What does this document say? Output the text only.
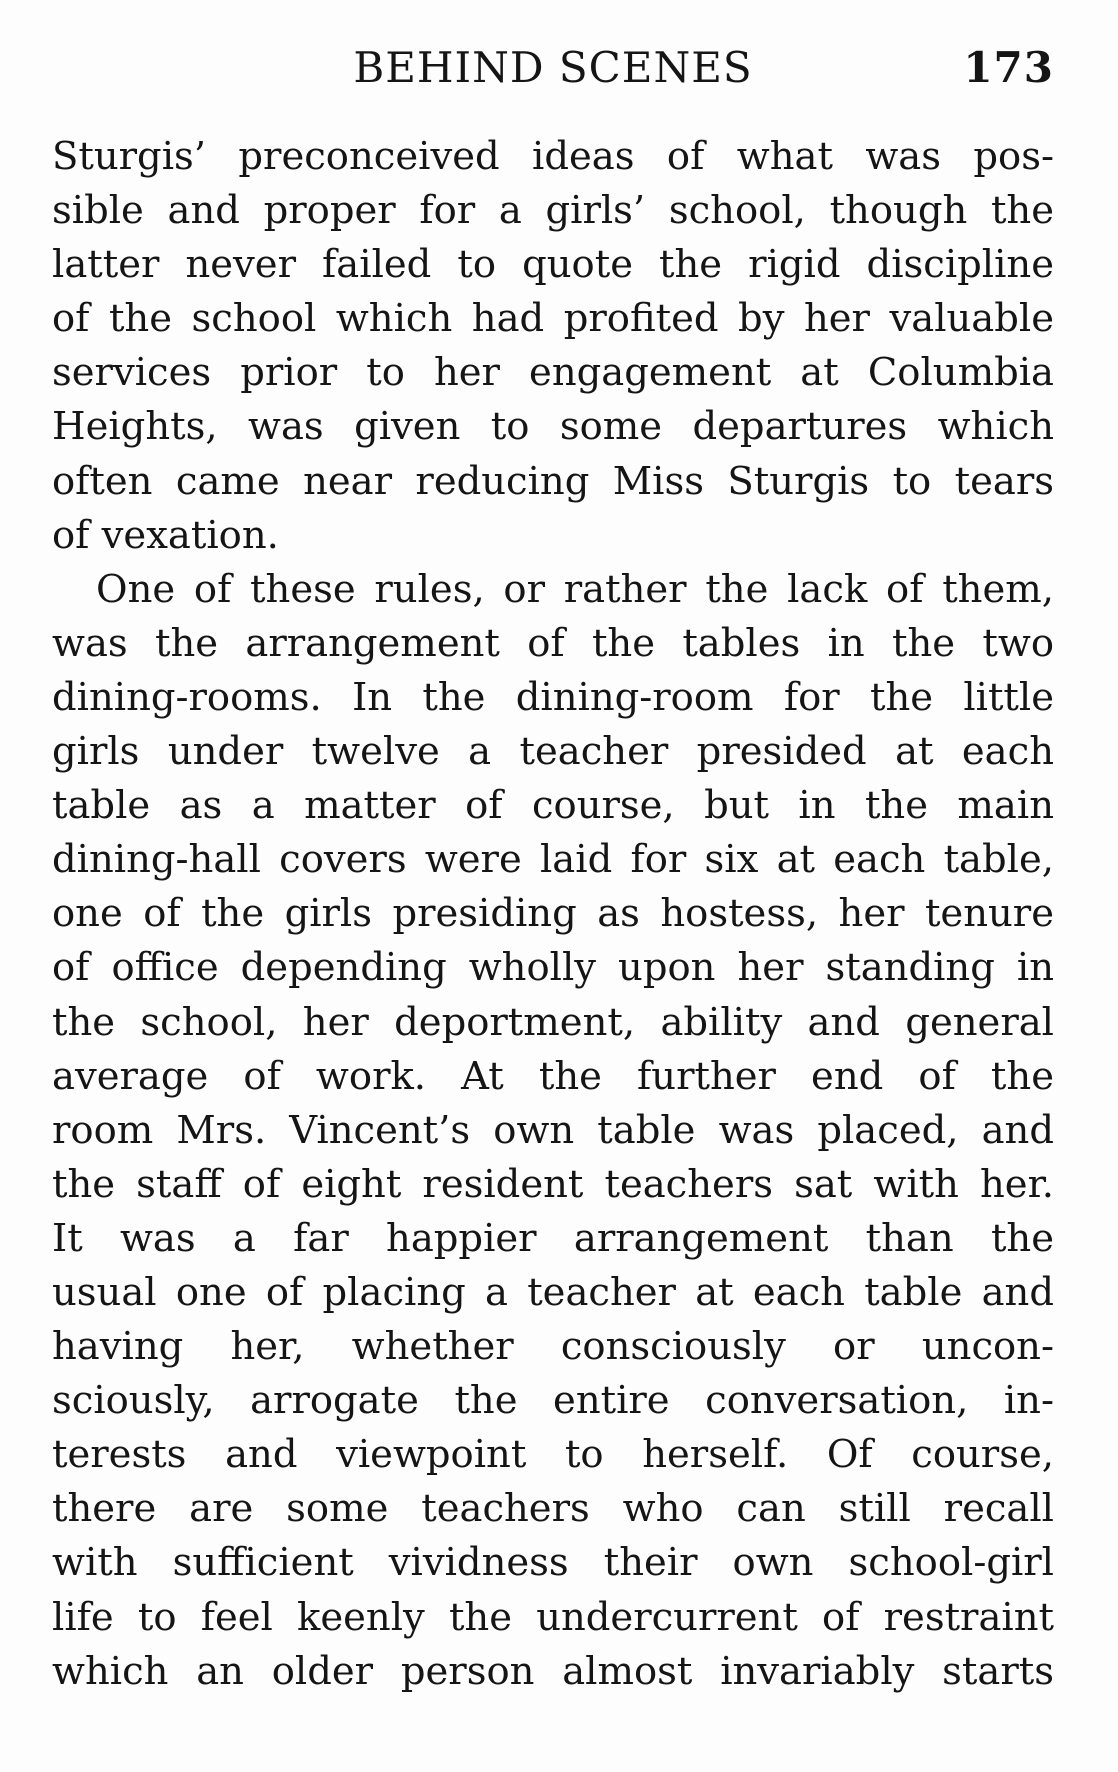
BEHIND SCENES	173
Sturgis’ preconceived ideas of what was pos-
sible and proper for a girls’ school, though the
latter never failed to quote the rigid discipline
of the school which had profited by her valuable
services prior to her engagement at Columbia
Heights, was given to some departures which
often came near reducing Miss Sturgis to tears
of vexation.
One of these rules, or rather the lack of them,
was the arrangement of the tables in the two
dining-rooms. In the dining-room for the little
girls under twelve a teacher presided at each
table as a matter of course, but in the main
dining-hall covers were laid for six at each table,
one of the girls presiding as hostess, her tenure
of office depending wholly upon her standing in
the school, her deportment, ability and general
average of work. At the further end of the
room Mrs. Vincent’s own table was placed, and
the staff of eight resident teachers sat with her.
It was a far happier arrangement than the
usual one of placing a teacher at each table and
having her, whether consciously or uncon-
sciously, arrogate the entire conversation, in-
terests and viewpoint to herself. Of course,
there are some teachers who can still recall
with sufficient vividness their own school-girl
life to feel keenly the undercurrent of restraint
which an older person almost invariably starts
